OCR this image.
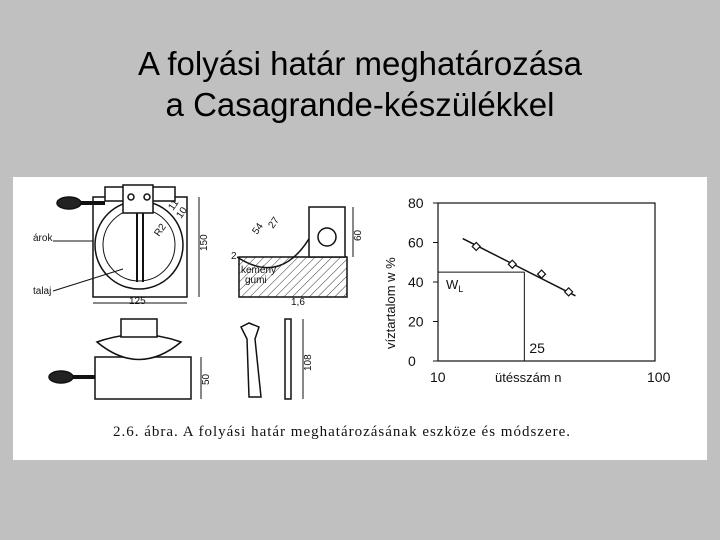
A folyási határ meghatározása
a Casagrande-készülékkel
árok
talaj
kemény
gumi
125
150	60
50
108
1,6
54 27
2
11
10
R2
80
60
40
20
0
10	100
ütésszám n
víztartalom w %	25
$W_L$
2.6. ábra. A folyási határ meghatározásának eszköze és módszere.
